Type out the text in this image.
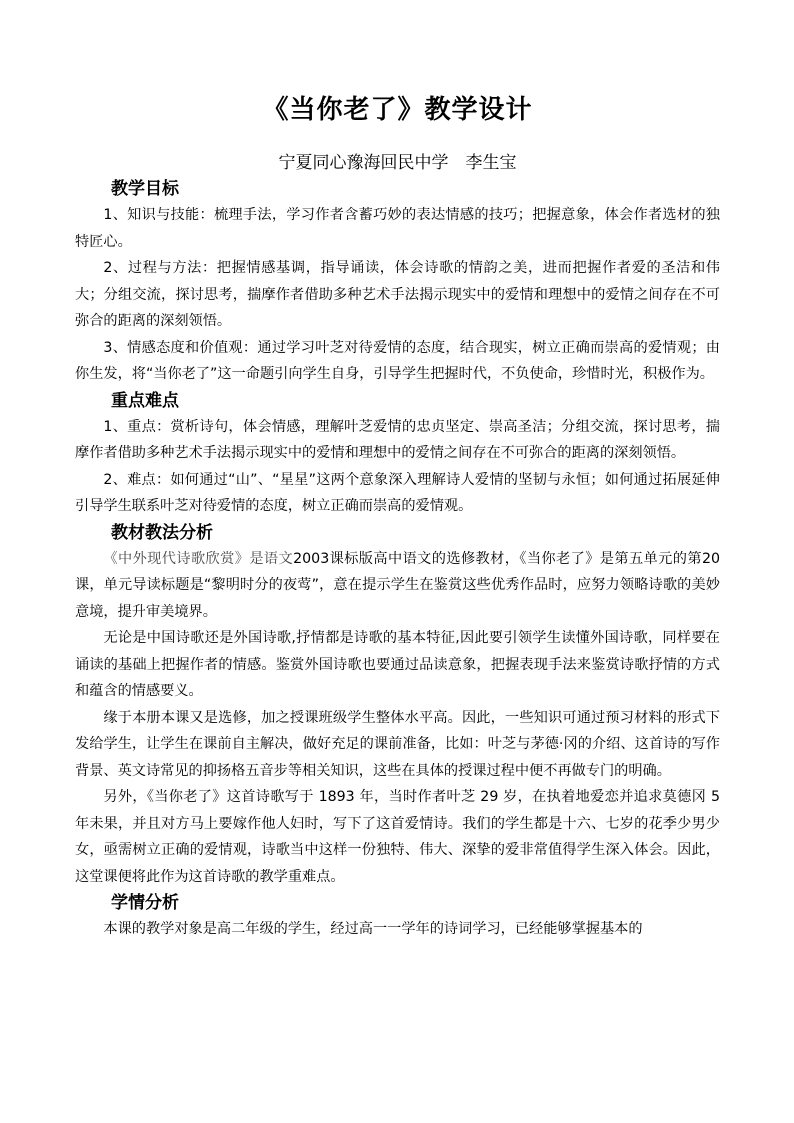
《当你老了》教学设计
宁夏同心豫海回民中学　李生宝
教学目标

1、知识与技能：梳理手法，学习作者含蓄巧妙的表达情感的技巧；把握意象，体会作者选材的独特匠心。

2、过程与方法：把握情感基调，指导诵读，体会诗歌的情韵之美，进而把握作者爱的圣洁和伟大；分组交流，探讨思考，揣摩作者借助多种艺术手法揭示现实中的爱情和理想中的爱情之间存在不可弥合的距离的深刻领悟。

3、情感态度和价值观：通过学习叶芝对待爱情的态度，结合现实，树立正确而崇高的爱情观；由你生发，将“当你老了”这一命题引向学生自身，引导学生把握时代，不负使命，珍惜时光，积极作为。

重点难点

1、重点：赏析诗句，体会情感，理解叶芝爱情的忠贞坚定、崇高圣洁；分组交流，探讨思考，揣摩作者借助多种艺术手法揭示现实中的爱情和理想中的爱情之间存在不可弥合的距离的深刻领悟。

2、难点：如何通过“山”、“星星”这两个意象深入理解诗人爱情的坚韧与永恒；如何通过拓展延伸引导学生联系叶芝对待爱情的态度，树立正确而崇高的爱情观。

教材教法分析

《中外现代诗歌欣赏》是语文2003课标版高中语文的选修教材，《当你老了》是第五单元的第20课，单元导读标题是“黎明时分的夜莺”，意在提示学生在鉴赏这些优秀作品时，应努力领略诗歌的美妙意境，提升审美境界。

无论是中国诗歌还是外国诗歌,抒情都是诗歌的基本特征,因此要引领学生读懂外国诗歌，同样要在诵读的基础上把握作者的情感。鉴赏外国诗歌也要通过品读意象，把握表现手法来鉴赏诗歌抒情的方式和蕴含的情感要义。

缘于本册本课又是选修，加之授课班级学生整体水平高。因此，一些知识可通过预习材料的形式下发给学生，让学生在课前自主解决，做好充足的课前准备，比如：叶芝与茅德·冈的介绍、这首诗的写作背景、英文诗常见的抑扬格五音步等相关知识，这些在具体的授课过程中便不再做专门的明确。

另外，《当你老了》这首诗歌写于 1893 年，当时作者叶芝 29 岁，在执着地爱恋并追求莫德冈 5 年未果，并且对方马上要嫁作他人妇时，写下了这首爱情诗。我们的学生都是十六、七岁的花季少男少女，亟需树立正确的爱情观，诗歌当中这样一份独特、伟大、深挚的爱非常值得学生深入体会。因此，这堂课便将此作为这首诗歌的教学重难点。

学情分析

本课的教学对象是高二年级的学生，经过高一一学年的诗词学习，已经能够掌握基本的
